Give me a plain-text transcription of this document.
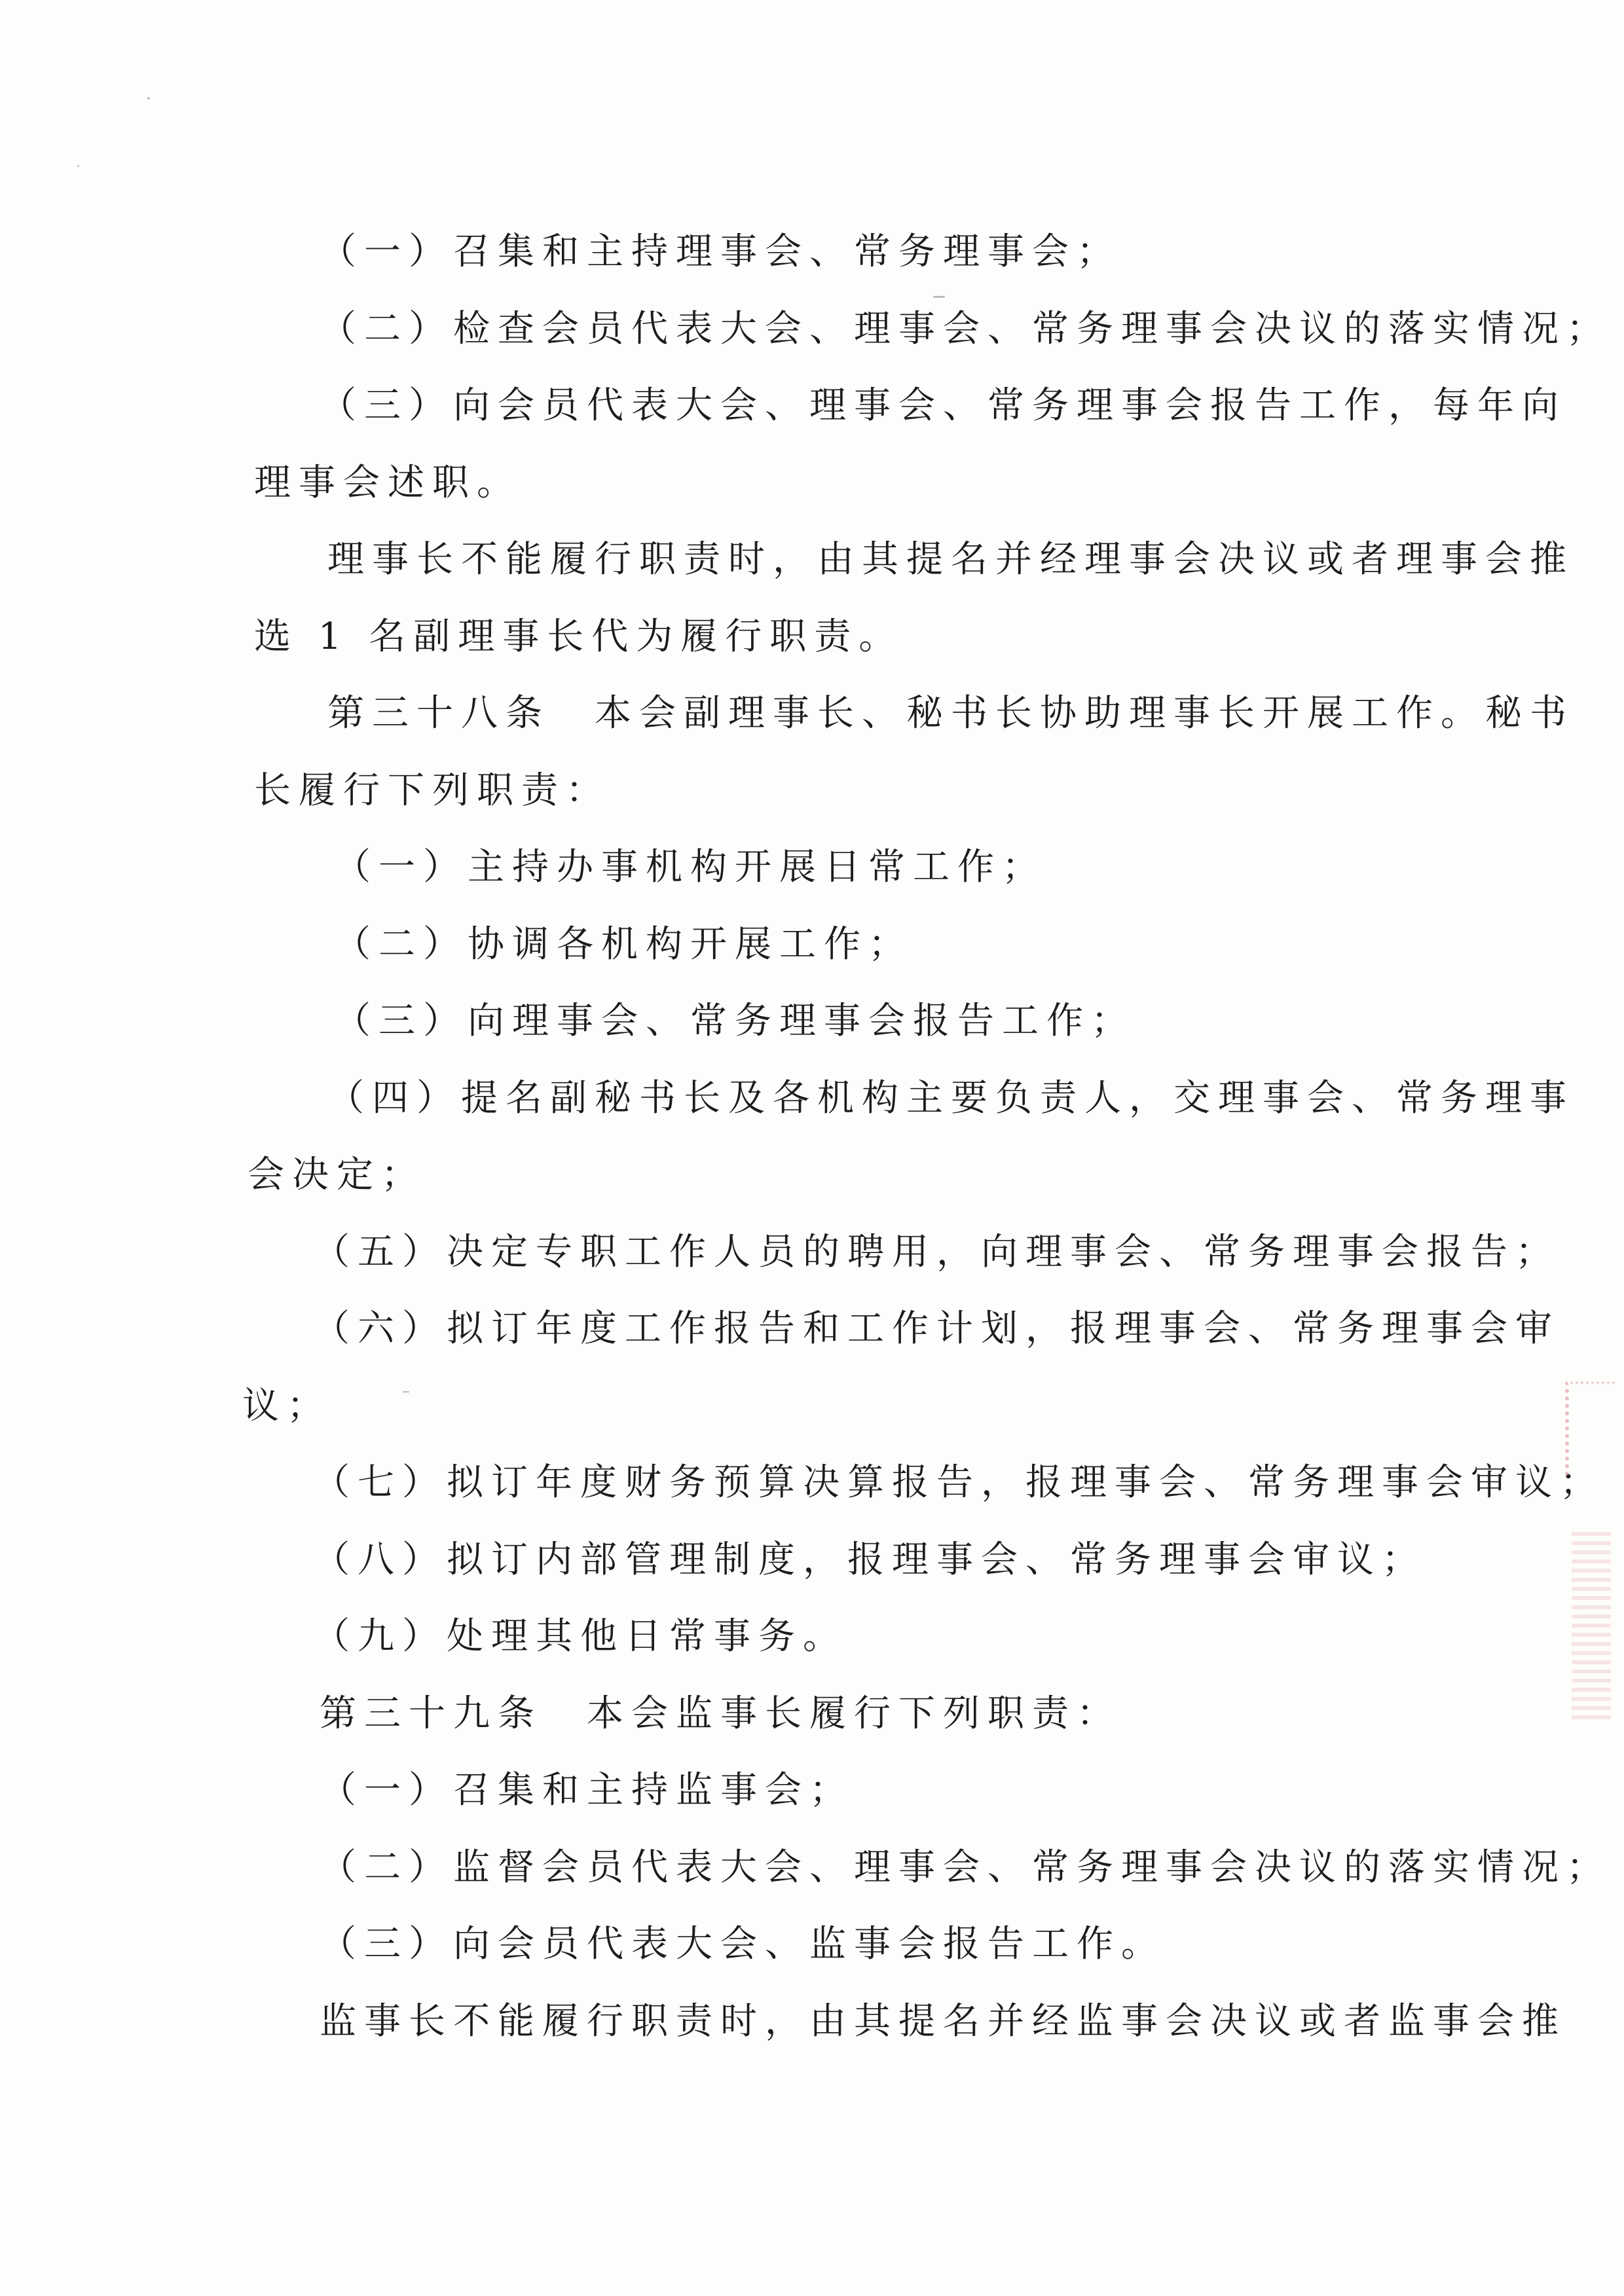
（一）召集和主持理事会、常务理事会；
（二）检查会员代表大会、理事会、常务理事会决议的落实情况；
（三）向会员代表大会、理事会、常务理事会报告工作，每年向
理事会述职。
理事长不能履行职责时，由其提名并经理事会决议或者理事会推
选 1 名副理事长代为履行职责。
第三十八条　本会副理事长、秘书长协助理事长开展工作。秘书
长履行下列职责：
（一）主持办事机构开展日常工作；
（二）协调各机构开展工作；
（三）向理事会、常务理事会报告工作；
（四）提名副秘书长及各机构主要负责人，交理事会、常务理事
会决定；
（五）决定专职工作人员的聘用，向理事会、常务理事会报告；
（六）拟订年度工作报告和工作计划，报理事会、常务理事会审
议；
（七）拟订年度财务预算决算报告，报理事会、常务理事会审议；
（八）拟订内部管理制度，报理事会、常务理事会审议；
（九）处理其他日常事务。
第三十九条　本会监事长履行下列职责：
（一）召集和主持监事会；
（二）监督会员代表大会、理事会、常务理事会决议的落实情况；
（三）向会员代表大会、监事会报告工作。
监事长不能履行职责时，由其提名并经监事会决议或者监事会推
